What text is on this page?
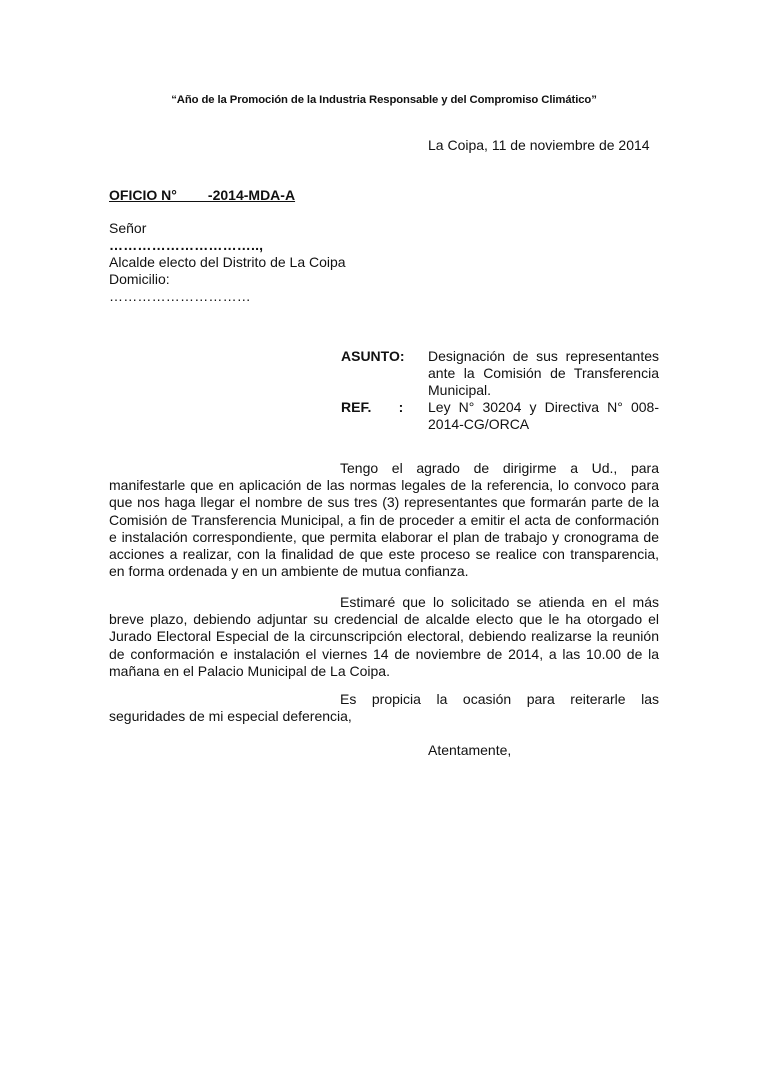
“Año de la Promoción de la Industria Responsable y del Compromiso Climático”
La Coipa, 11 de noviembre de 2014
OFICIO N°        -2014-MDA-A
Señor
…………………………..,
Alcalde electo del Distrito de La Coipa
Domicilio:
…………………………
ASUNTO:	Designación de sus representantes ante la Comisión de Transferencia Municipal.
REF.       :	Ley N° 30204 y Directiva N° 008-2014-CG/ORCA
Tengo el agrado de dirigirme a Ud., para manifestarle que en aplicación de las normas legales de la referencia, lo convoco para que nos haga llegar el nombre de sus tres (3) representantes que formarán parte de la Comisión de Transferencia Municipal, a fin de proceder a emitir el acta de conformación e instalación correspondiente, que permita elaborar el plan de trabajo y cronograma de acciones a realizar, con la finalidad de que este proceso se realice con transparencia, en forma ordenada y en un ambiente de mutua confianza.
Estimaré que lo solicitado se atienda en el más breve plazo, debiendo adjuntar su credencial de alcalde electo que le ha otorgado el Jurado Electoral Especial de la circunscripción electoral, debiendo realizarse la reunión de conformación e instalación el viernes 14 de noviembre de 2014, a las 10.00 de la mañana en el Palacio Municipal de La Coipa.
Es propicia la ocasión para reiterarle las seguridades de mi especial deferencia,
Atentamente,
